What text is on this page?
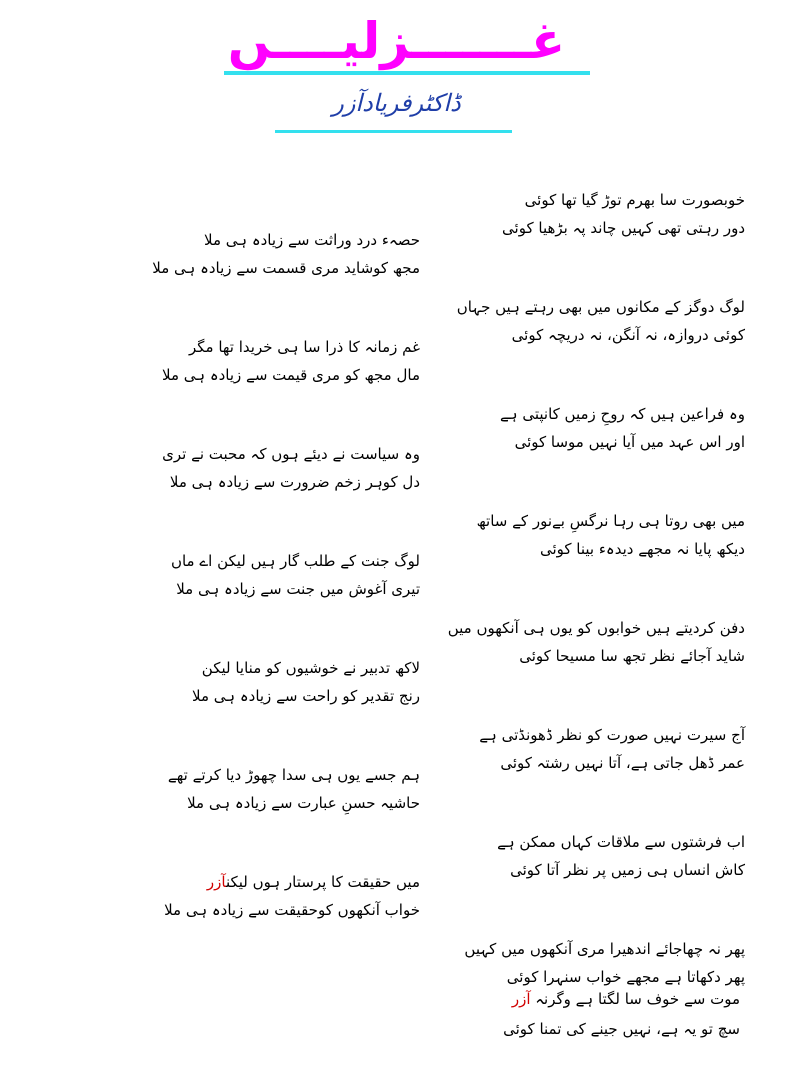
غـــــــزلیــــں
ڈاکٹرفریادآزر
خوبصورت سا بھرم توڑ گیا تھا کوئی
دور رہتی تھی کہیں چاند پہ بڑھیا کوئی
لوگ دوگز کے مکانوں میں بھی رہتے ہیں جہاں
کوئی دروازہ، نہ آنگن، نہ دریچہ کوئی
وہ فراعین ہیں کہ روحِ زمیں کانپتی ہے
اور اس عہد میں آیا نہیں موسا کوئی
میں بھی روتا ہی رہا نرگسِ بےنور کے ساتھ
دیکھ پایا نہ مجھے دیدہء بینا کوئی
دفن کردیتے ہیں خوابوں کو یوں ہی آنکھوں میں
شاید آجائے نظر تجھ سا مسیحا کوئی
آج سیرت نہیں صورت کو نظر ڈھونڈتی ہے
عمر ڈھل جاتی ہے، آتا نہیں رشتہ کوئی
اب فرشتوں سے ملاقات کہاں ممکن ہے
کاش انساں ہی زمیں پر نظر آتا کوئی
پھر نہ چھاجائے اندھیرا مری آنکھوں میں کہیں
پھر دکھاتا ہے مجھے خواب سنہرا کوئی
موت سے خوف سا لگتا ہے وگرنہ آزر
سچ تو یہ ہے، نہیں جینے کی تمنا کوئی
حصہء درد وراثت سے زیادہ ہی ملا
مجھ کوشاید مری قسمت سے زیادہ ہی ملا
غم زمانہ کا ذرا سا ہی خریدا تھا مگر
مال مجھ کو مری قیمت سے زیادہ ہی ملا
وہ سیاست نے دیئے ہوں کہ محبت نے تری
دل کوہر زخم ضرورت سے زیادہ ہی ملا
لوگ جنت کے طلب گار ہیں لیکن اے ماں
تیری آغوش میں جنت سے زیادہ ہی ملا
لاکھ تدبیر نے خوشیوں کو منایا لیکن
رنج تقدیر کو راحت سے زیادہ ہی ملا
ہم جسے یوں ہی سدا چھوڑ دیا کرتے تھے
حاشیہ حسنِ عبارت سے زیادہ ہی ملا
میں حقیقت کا پرستار ہوں لیکنآزر
خواب آنکھوں کوحقیقت سے زیادہ ہی ملا
